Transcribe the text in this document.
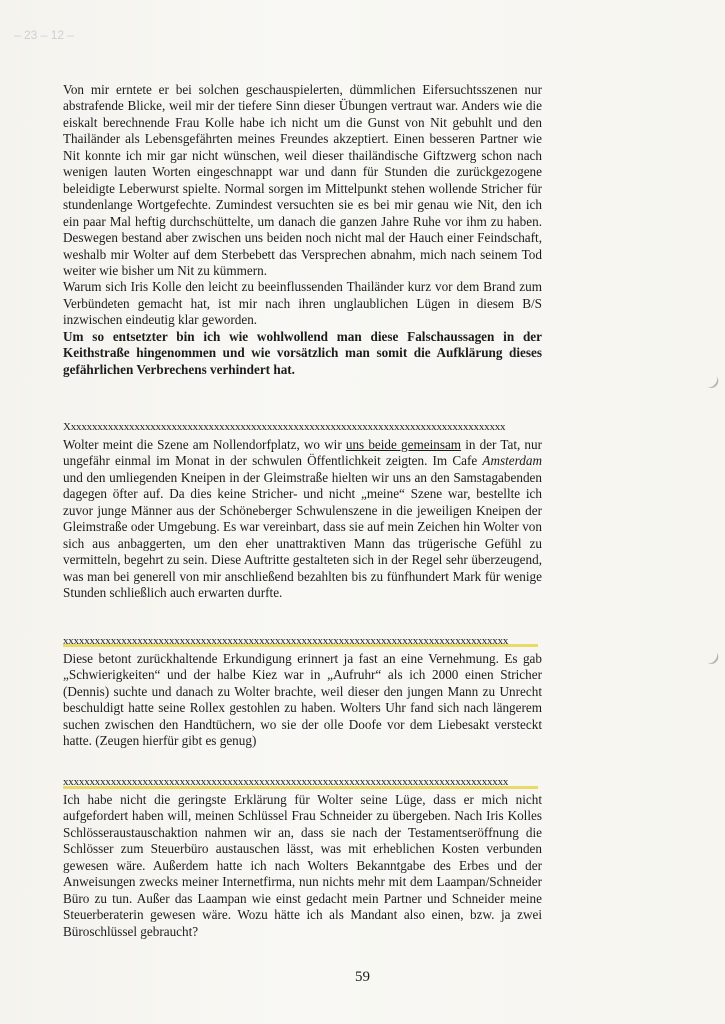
– 23 – 12 –

Von mir erntete er bei solchen geschauspielerten, dümmlichen Eifersuchtsszenen nur abstrafende Blicke, weil mir der tiefere Sinn dieser Übungen vertraut war. Anders wie die eiskalt berechnende Frau Kolle habe ich nicht um die Gunst von Nit gebuhlt und den Thailänder als Lebensgefährten meines Freundes akzeptiert. Einen besseren Partner wie Nit konnte ich mir gar nicht wünschen, weil dieser thailändische Giftzwerg schon nach wenigen lauten Worten eingeschnappt war und dann für Stunden die zurückgezogene beleidigte Leberwurst spielte. Normal sorgen im Mittelpunkt stehen wollende Stricher für stundenlange Wortgefechte. Zumindest versuchten sie es bei mir genau wie Nit, den ich ein paar Mal heftig durchschüttelte, um danach die ganzen Jahre Ruhe vor ihm zu haben. Deswegen bestand aber zwischen uns beiden noch nicht mal der Hauch einer Feindschaft, weshalb mir Wolter auf dem Sterbebett das Versprechen abnahm, mich nach seinem Tod weiter wie bisher um Nit zu kümmern.

Warum sich Iris Kolle den leicht zu beeinflussenden Thailänder kurz vor dem Brand zum Verbündeten gemacht hat, ist mir nach ihren unglaublichen Lügen in diesem B/S inzwischen eindeutig klar geworden.

Um so entsetzter bin ich wie wohlwollend man diese Falschaussagen in der Keithstraße hingenommen und wie vorsätzlich man somit die Aufklärung dieses gefährlichen Verbrechens verhindert hat.

Xxxxxxxxxxxxxxxxxxxxxxxxxxxxxxxxxxxxxxxxxxxxxxxxxxxxxxxxxxxxxxxxxxxxxxxxxxxxxxxxxxx

Wolter meint die Szene am Nollendorfplatz, wo wir uns beide gemeinsam in der Tat, nur ungefähr einmal im Monat in der schwulen Öffentlichkeit zeigten. Im Cafe Amsterdam und den umliegenden Kneipen in der Gleimstraße hielten wir uns an den Samstagabenden dagegen öfter auf. Da dies keine Stricher- und nicht „meine“ Szene war, bestellte ich zuvor junge Männer aus der Schöneberger Schwulenszene in die jeweiligen Kneipen der Gleimstraße oder Umgebung. Es war vereinbart, dass sie auf mein Zeichen hin Wolter von sich aus anbaggerten, um den eher unattraktiven Mann das trügerische Gefühl zu vermitteln, begehrt zu sein. Diese Auftritte gestalteten sich in der Regel sehr überzeugend, was man bei generell von mir anschließend bezahlten bis zu fünfhundert Mark für wenige Stunden schließlich auch erwarten durfte.

xxxxxxxxxxxxxxxxxxxxxxxxxxxxxxxxxxxxxxxxxxxxxxxxxxxxxxxxxxxxxxxxxxxxxxxxxxxxxxxxxxxx

Diese betont zurückhaltende Erkundigung erinnert ja fast an eine Vernehmung. Es gab „Schwierigkeiten“ und der halbe Kiez war in „Aufruhr“ als ich 2000 einen Stricher (Dennis) suchte und danach zu Wolter brachte, weil dieser den jungen Mann zu Unrecht beschuldigt hatte seine Rollex gestohlen zu haben. Wolters Uhr fand sich nach längerem suchen zwischen den Handtüchern, wo sie der olle Doofe vor dem Liebesakt versteckt hatte. (Zeugen hierfür gibt es genug)

xxxxxxxxxxxxxxxxxxxxxxxxxxxxxxxxxxxxxxxxxxxxxxxxxxxxxxxxxxxxxxxxxxxxxxxxxxxxxxxxxxxx

Ich habe nicht die geringste Erklärung für Wolter seine Lüge, dass er mich nicht aufgefordert haben will, meinen Schlüssel Frau Schneider zu übergeben. Nach Iris Kolles Schlösseraustauschaktion nahmen wir an, dass sie nach der Testamentseröffnung die Schlösser zum Steuerbüro austauschen lässt, was mit erheblichen Kosten verbunden gewesen wäre. Außerdem hatte ich nach Wolters Bekanntgabe des Erbes und der Anweisungen zwecks meiner Internetfirma, nun nichts mehr mit dem Laampan/Schneider Büro zu tun. Außer das Laampan wie einst gedacht mein Partner und Schneider meine Steuerberaterin gewesen wäre. Wozu hätte ich als Mandant also einen, bzw. ja zwei Büroschlüssel gebraucht?

59
